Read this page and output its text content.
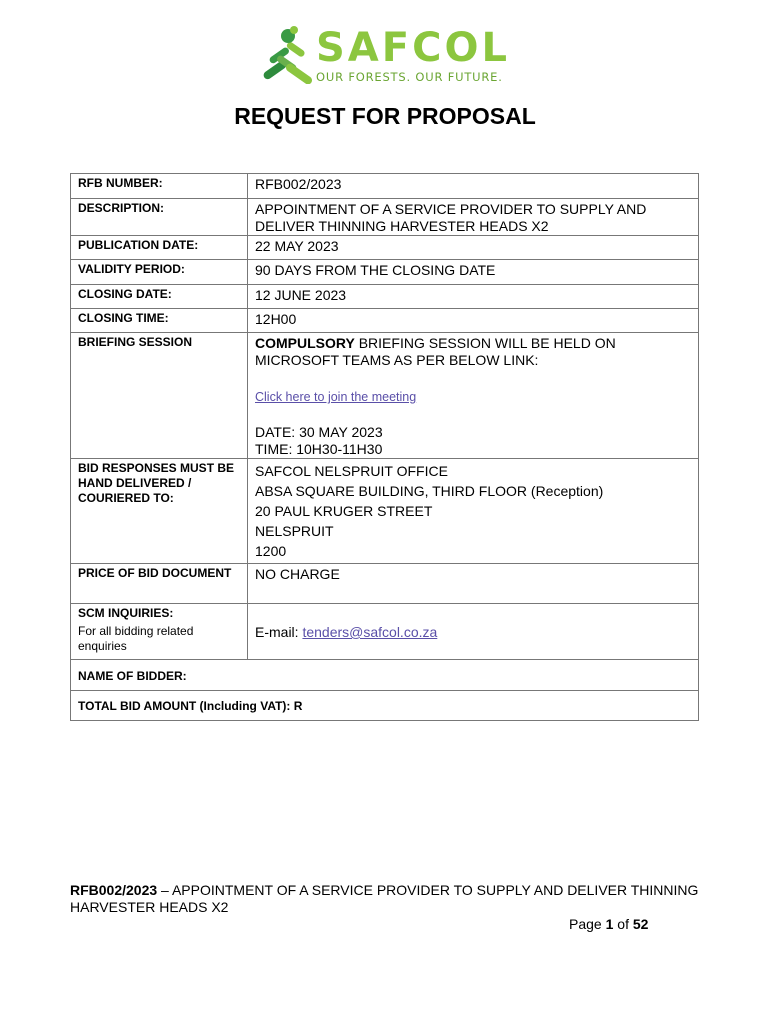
SAFCOL
OUR FORESTS. OUR FUTURE.
REQUEST FOR PROPOSAL
RFB NUMBER:	RFB002/2023
DESCRIPTION:	APPOINTMENT OF A SERVICE PROVIDER TO SUPPLY AND DELIVER THINNING HARVESTER HEADS X2
PUBLICATION DATE:	22 MAY 2023
VALIDITY PERIOD:	90 DAYS FROM THE CLOSING DATE
CLOSING DATE:	12 JUNE 2023
CLOSING TIME:	12H00
BRIEFING SESSION	COMPULSORY BRIEFING SESSION WILL BE HELD ON MICROSOFT TEAMS AS PER BELOW LINK:
Click here to join the meeting
DATE: 30 MAY 2023
TIME: 10H30-11H30

BID RESPONSES MUST BE HAND DELIVERED / COURIERED TO:	SAFCOL NELSPRUIT OFFICE
ABSA SQUARE BUILDING, THIRD FLOOR (Reception)
20 PAUL KRUGER STREET
NELSPRUIT
1200

PRICE OF BID DOCUMENT	NO CHARGE

SCM INQUIRIES:
For all bidding related enquiries	E-mail: tenders@safcol.co.za
NAME OF BIDDER:	
TOTAL BID AMOUNT (Including VAT): R	
RFB002/2023 – APPOINTMENT OF A SERVICE PROVIDER TO SUPPLY AND DELIVER THINNING HARVESTER HEADS X2
Page 1 of 52
